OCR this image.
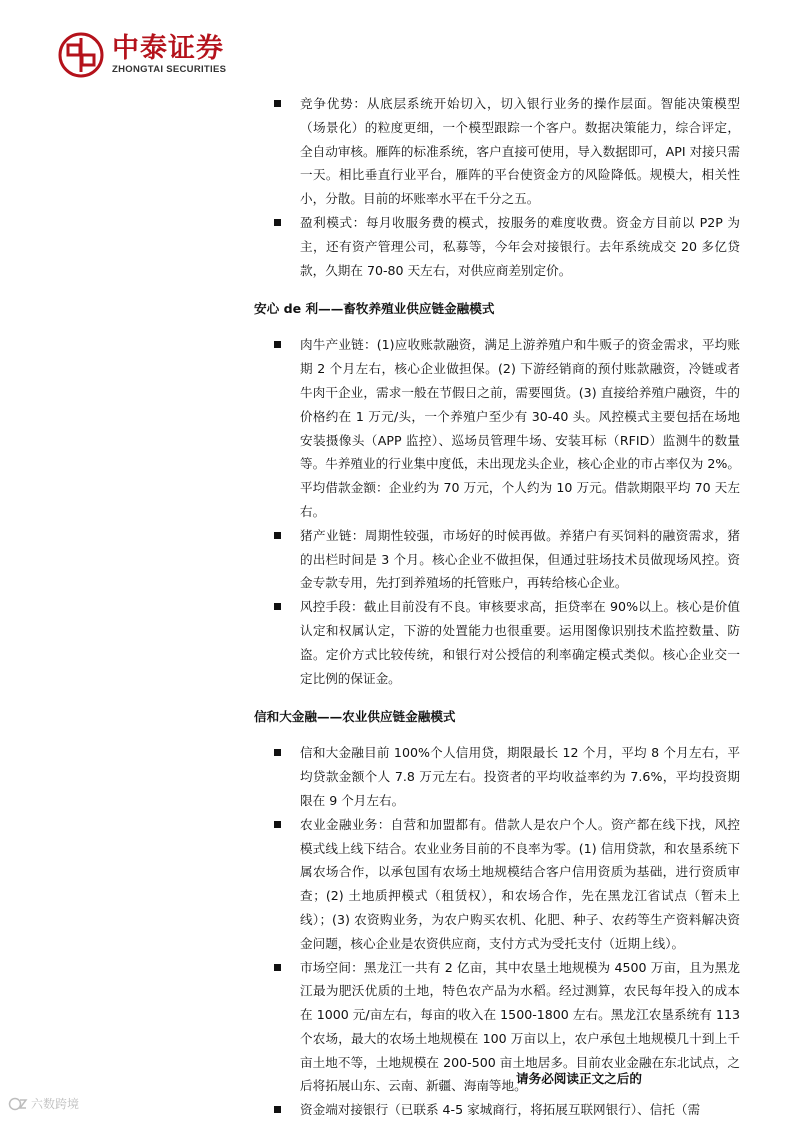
中泰证券
ZHONGTAI SECURITIES
竞争优势：从底层系统开始切入，切入银行业务的操作层面。智能决策模型（场景化）的粒度更细，一个模型跟踪一个客户。数据决策能力，综合评定，全自动审核。雁阵的标准系统，客户直接可使用，导入数据即可，API 对接只需一天。相比垂直行业平台，雁阵的平台使资金方的风险降低。规模大，相关性小，分散。目前的坏账率水平在千分之五。
盈利模式：每月收服务费的模式，按服务的难度收费。资金方目前以 P2P 为主，还有资产管理公司，私募等，今年会对接银行。去年系统成交 20 多亿贷款，久期在 70-80 天左右，对供应商差别定价。
安心 de 利——畜牧养殖业供应链金融模式
肉牛产业链：(1)应收账款融资，满足上游养殖户和牛贩子的资金需求，平均账期 2 个月左右，核心企业做担保。(2) 下游经销商的预付账款融资，冷链或者牛肉干企业，需求一般在节假日之前，需要囤货。(3) 直接给养殖户融资，牛的价格约在 1 万元/头，一个养殖户至少有 30-40 头。风控模式主要包括在场地安装摄像头（APP 监控）、巡场员管理牛场、安装耳标（RFID）监测牛的数量等。牛养殖业的行业集中度低，未出现龙头企业，核心企业的市占率仅为 2%。平均借款金额：企业约为 70 万元，个人约为 10 万元。借款期限平均 70 天左右。
猪产业链：周期性较强，市场好的时候再做。养猪户有买饲料的融资需求，猪的出栏时间是 3 个月。核心企业不做担保，但通过驻场技术员做现场风控。资金专款专用，先打到养殖场的托管账户，再转给核心企业。
风控手段：截止目前没有不良。审核要求高，拒贷率在 90%以上。核心是价值认定和权属认定，下游的处置能力也很重要。运用图像识别技术监控数量、防盗。定价方式比较传统，和银行对公授信的利率确定模式类似。核心企业交一定比例的保证金。
信和大金融——农业供应链金融模式
信和大金融目前 100%个人信用贷，期限最长 12 个月，平均 8 个月左右，平均贷款金额个人 7.8 万元左右。投资者的平均收益率约为 7.6%，平均投资期限在 9 个月左右。
农业金融业务：自营和加盟都有。借款人是农户个人。资产都在线下找，风控模式线上线下结合。农业业务目前的不良率为零。(1) 信用贷款，和农垦系统下属农场合作，以承包国有农场土地规模结合客户信用资质为基础，进行资质审查；(2) 土地质押模式（租赁权），和农场合作，先在黑龙江省试点（暂未上线）；(3) 农资购业务，为农户购买农机、化肥、种子、农药等生产资料解决资金问题，核心企业是农资供应商，支付方式为受托支付（近期上线）。
市场空间：黑龙江一共有 2 亿亩，其中农垦土地规模为 4500 万亩，且为黑龙江最为肥沃优质的土地，特色农产品为水稻。经过测算，农民每年投入的成本在 1000 元/亩左右，每亩的收入在 1500-1800 左右。黑龙江农垦系统有 113 个农场，最大的农场土地规模在 100 万亩以上，农户承包土地规模几十到上千亩土地不等，土地规模在 200-500 亩土地居多。目前农业金融在东北试点，之后将拓展山东、云南、新疆、海南等地。
资金端对接银行（已联系 4-5 家城商行，将拓展互联网银行）、信托（需
请务必阅读正文之后的
六数跨境
